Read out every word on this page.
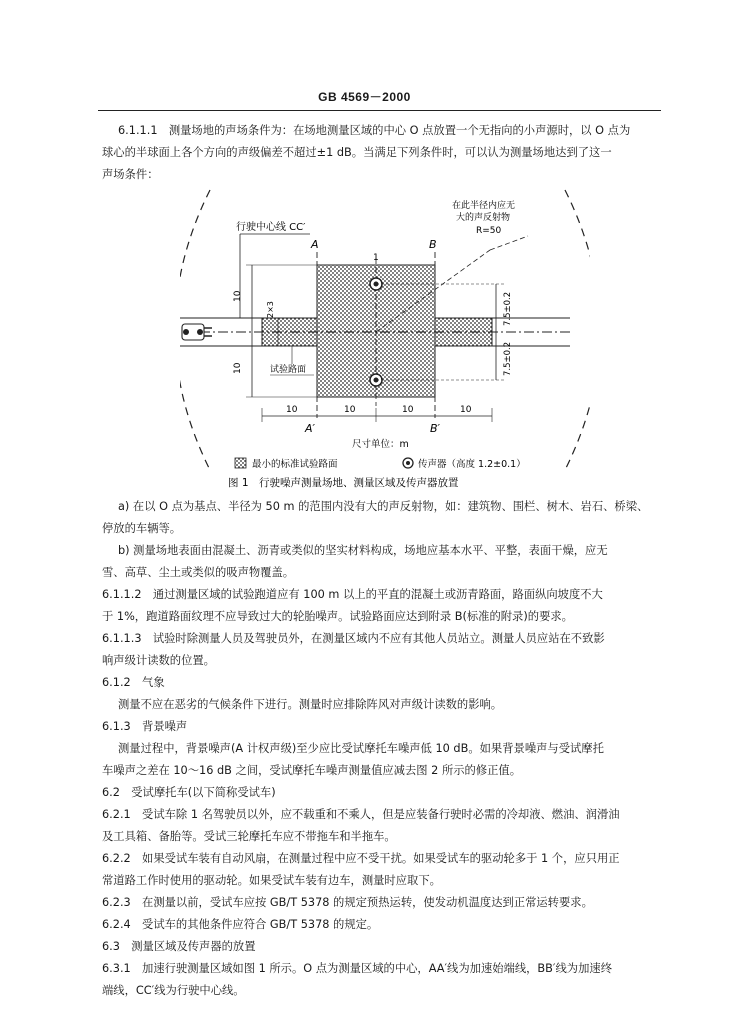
GB 4569－2000
6.1.1.1　测量场地的声场条件为：在场地测量区域的中心 O 点放置一个无指向的小声源时，以 O 点为
球心的半球面上各个方向的声级偏差不超过±1 dB。当满足下列条件时，可以认为测量场地达到了这一
声场条件：
A	B
A′	B′
1
行驶中心线 CC′
在此半径内应无
大的声反射物
R=50
10
10
2×3
试验路面
7.5±0.2
7.5±0.2
10	10	10	10
尺寸单位：m
最小的标准试验路面	传声器（高度 1.2±0.1）
图 1　行驶噪声测量场地、测量区域及传声器放置
a) 在以 O 点为基点、半径为 50 m 的范围内没有大的声反射物，如：建筑物、围栏、树木、岩石、桥梁、
停放的车辆等。
b) 测量场地表面由混凝土、沥青或类似的坚实材料构成，场地应基本水平、平整，表面干燥，应无
雪、高草、尘土或类似的吸声物覆盖。
6.1.1.2　通过测量区域的试验跑道应有 100 m 以上的平直的混凝土或沥青路面，路面纵向坡度不大
于 1%，跑道路面纹理不应导致过大的轮胎噪声。试验路面应达到附录 B(标准的附录)的要求。
6.1.1.3　试验时除测量人员及驾驶员外，在测量区域内不应有其他人员站立。测量人员应站在不致影
响声级计读数的位置。
6.1.2　气象
测量不应在恶劣的气候条件下进行。测量时应排除阵风对声级计读数的影响。
6.1.3　背景噪声
测量过程中，背景噪声(A 计权声级)至少应比受试摩托车噪声低 10 dB。如果背景噪声与受试摩托
车噪声之差在 10～16 dB 之间，受试摩托车噪声测量值应减去图 2 所示的修正值。
6.2　受试摩托车(以下简称受试车)
6.2.1　受试车除 1 名驾驶员以外，应不载重和不乘人，但是应装备行驶时必需的冷却液、燃油、润滑油
及工具箱、备胎等。受试三轮摩托车应不带拖车和半拖车。
6.2.2　如果受试车装有自动风扇，在测量过程中应不受干扰。如果受试车的驱动轮多于 1 个，应只用正
常道路工作时使用的驱动轮。如果受试车装有边车，测量时应取下。
6.2.3　在测量以前，受试车应按 GB/T 5378 的规定预热运转，使发动机温度达到正常运转要求。
6.2.4　受试车的其他条件应符合 GB/T 5378 的规定。
6.3　测量区域及传声器的放置
6.3.1　加速行驶测量区域如图 1 所示。O 点为测量区域的中心，AA′线为加速始端线，BB′线为加速终
端线，CC′线为行驶中心线。
